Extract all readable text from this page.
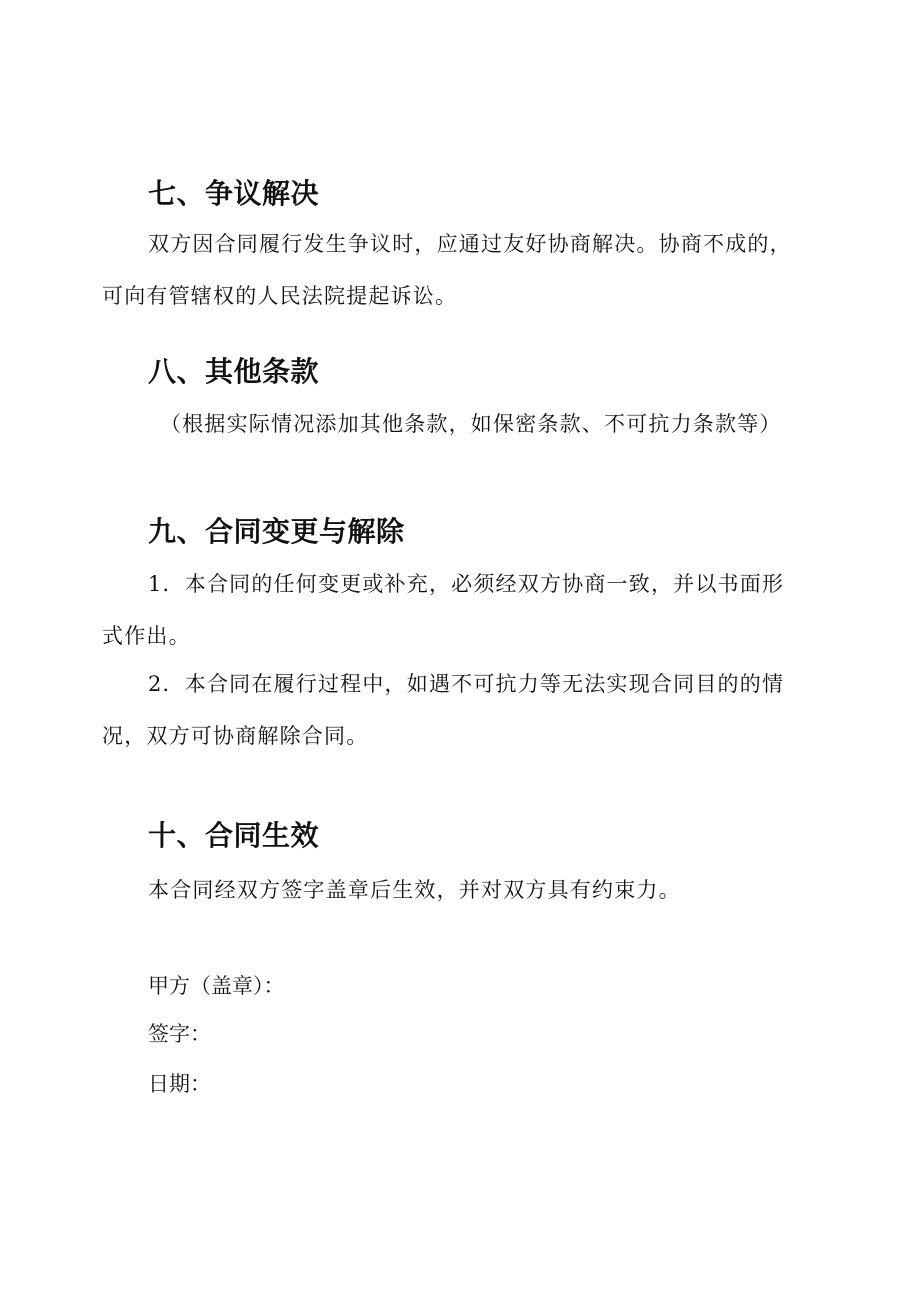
七、争议解决
双方因合同履行发生争议时，应通过友好协商解决。协商不成的，
可向有管辖权的人民法院提起诉讼。
八、其他条款
（根据实际情况添加其他条款，如保密条款、不可抗力条款等）
九、合同变更与解除
1．本合同的任何变更或补充，必须经双方协商一致，并以书面形
式作出。
2．本合同在履行过程中，如遇不可抗力等无法实现合同目的的情
况，双方可协商解除合同。
十、合同生效
本合同经双方签字盖章后生效，并对双方具有约束力。
甲方（盖章）：
签字：
日期：
